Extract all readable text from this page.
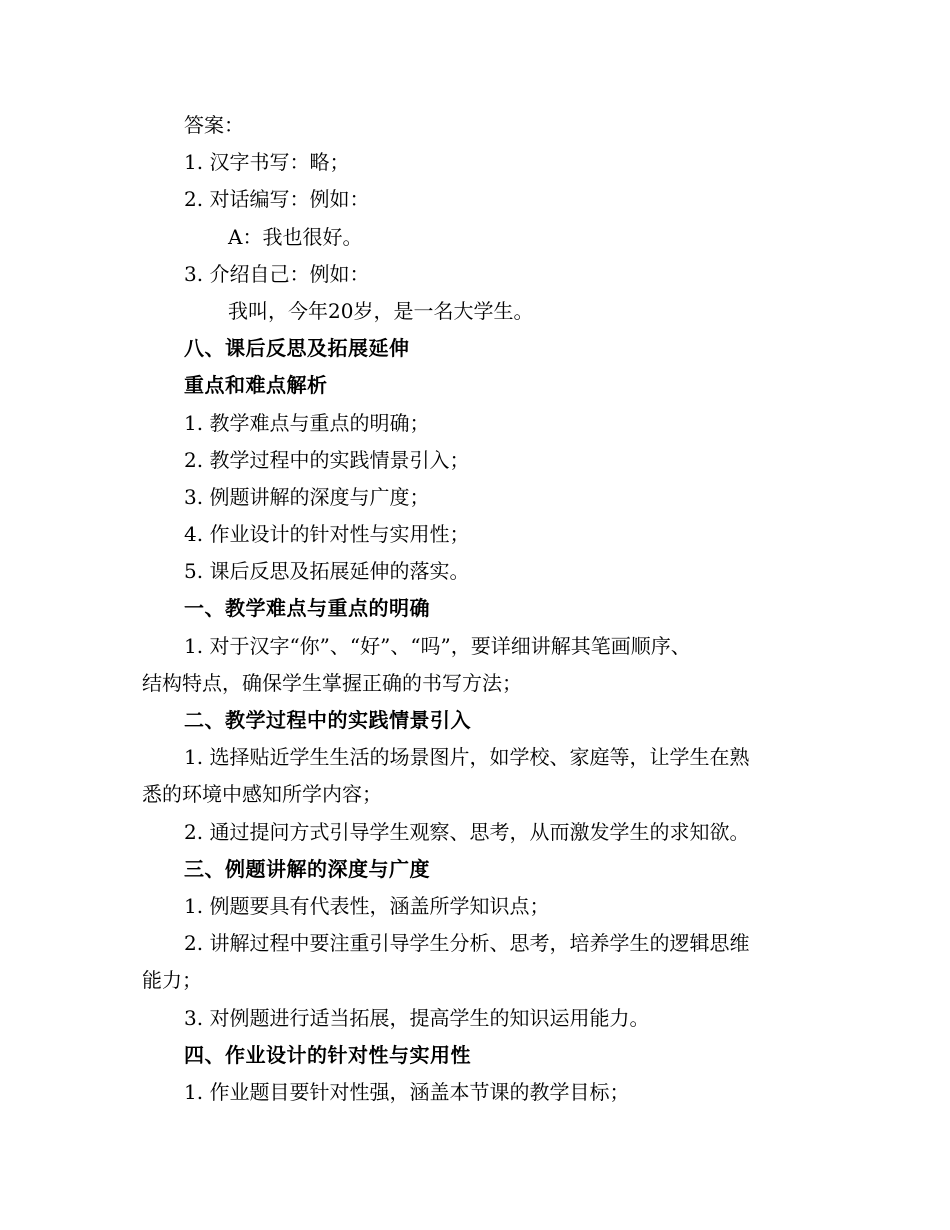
答案：
1. 汉字书写：略；
2. 对话编写：例如：
A：我也很好。
3. 介绍自己：例如：
我叫，今年20岁，是一名大学生。
八、课后反思及拓展延伸
重点和难点解析
1. 教学难点与重点的明确；
2. 教学过程中的实践情景引入；
3. 例题讲解的深度与广度；
4. 作业设计的针对性与实用性；
5. 课后反思及拓展延伸的落实。
一、教学难点与重点的明确
1. 对于汉字“你”、“好”、“吗”，要详细讲解其笔画顺序、
结构特点，确保学生掌握正确的书写方法；
二、教学过程中的实践情景引入
1. 选择贴近学生生活的场景图片，如学校、家庭等，让学生在熟
悉的环境中感知所学内容；
2. 通过提问方式引导学生观察、思考，从而激发学生的求知欲。
三、例题讲解的深度与广度
1. 例题要具有代表性，涵盖所学知识点；
2. 讲解过程中要注重引导学生分析、思考，培养学生的逻辑思维
能力；
3. 对例题进行适当拓展，提高学生的知识运用能力。
四、作业设计的针对性与实用性
1. 作业题目要针对性强，涵盖本节课的教学目标；
